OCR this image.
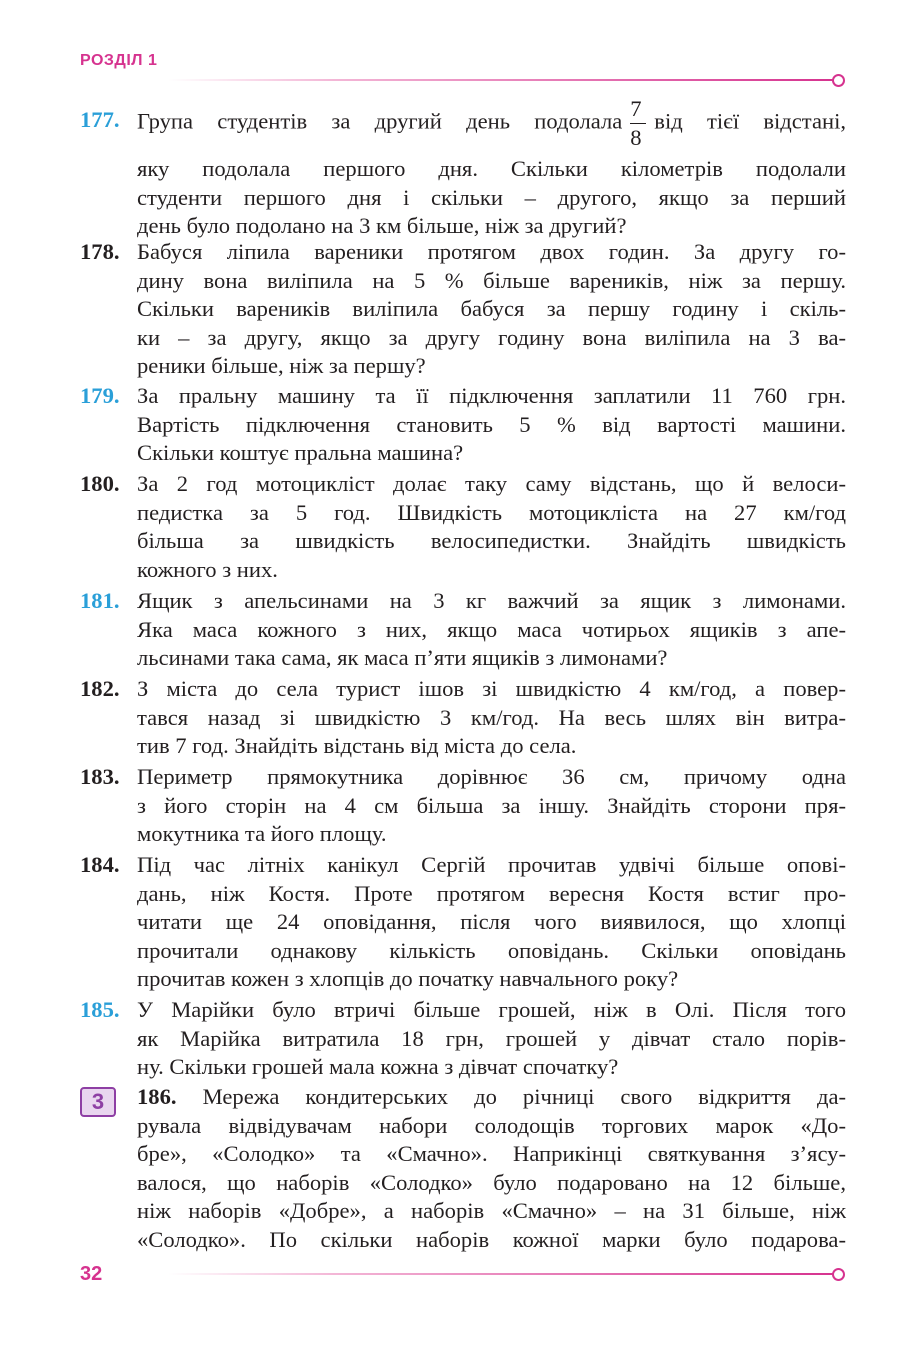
РОЗДІЛ 1
177. Група студентів за другий день подолала $\frac{7}{8}$ від тієї відстані,
яку подолала першого дня. Скільки кілометрів подолали
студенти першого дня і скільки – другого, якщо за перший
день було подолано на 3 км більше, ніж за другий?
178. Бабуся ліпила вареники протягом двох годин. За другу го-
дину вона виліпила на 5 % більше вареників, ніж за першу.
Скільки вареників виліпила бабуся за першу годину і скіль-
ки – за другу, якщо за другу годину вона виліпила на 3 ва-
реники більше, ніж за першу?
179. За пральну машину та її підключення заплатили 11 760 грн.
Вартість підключення становить 5 % від вартості машини.
Скільки коштує пральна машина?
180. За 2 год мотоцикліст долає таку саму відстань, що й велоси-
педистка за 5 год. Швидкість мотоцикліста на 27 км/год
більша за швидкість велосипедистки. Знайдіть швидкість
кожного з них.
181. Ящик з апельсинами на 3 кг важчий за ящик з лимонами.
Яка маса кожного з них, якщо маса чотирьох ящиків з апе-
льсинами така сама, як маса п’яти ящиків з лимонами?
182. З міста до села турист ішов зі швидкістю 4 км/год, а повер-
тався назад зі швидкістю 3 км/год. На весь шлях він витра-
тив 7 год. Знайдіть відстань від міста до села.
183. Периметр прямокутника дорівнює 36 см, причому одна
з його сторін на 4 см більша за іншу. Знайдіть сторони пря-
мокутника та його площу.
184. Під час літніх канікул Сергій прочитав удвічі більше опові-
дань, ніж Костя. Проте протягом вересня Костя встиг про-
читати ще 24 оповідання, після чого виявилося, що хлопці
прочитали однакову кількість оповідань. Скільки оповідань
прочитав кожен з хлопців до початку навчального року?
185. У Марійки було втричі більше грошей, ніж в Олі. Після того
як Марійка витратила 18 грн, грошей у дівчат стало порів-
ну. Скільки грошей мала кожна з дівчат спочатку?
3	186. Мережа кондитерських до річниці свого відкриття да-
рувала відвідувачам набори солодощів торгових марок «До-
бре», «Солодко» та «Смачно». Наприкінці святкування з’ясу-
валося, що наборів «Солодко» було подаровано на 12 більше,
ніж наборів «Добре», а наборів «Смачно» – на 31 більше, ніж
«Солодко». По скільки наборів кожної марки було подарова-
32
